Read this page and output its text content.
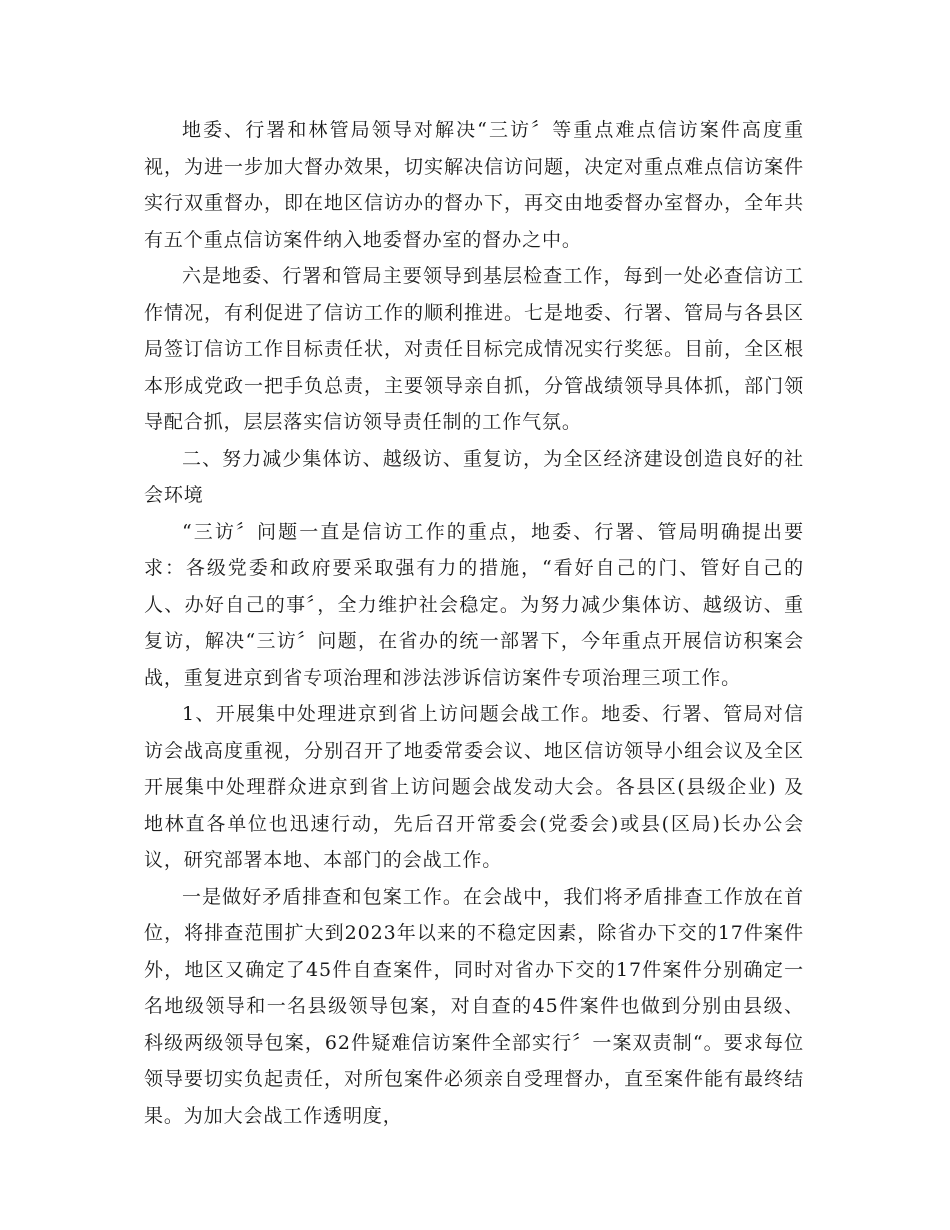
地委、行署和林管局领导对解决“三访〞等重点难点信访案件高度重视，为进一步加大督办效果，切实解决信访问题，决定对重点难点信访案件实行双重督办，即在地区信访办的督办下，再交由地委督办室督办，全年共有五个重点信访案件纳入地委督办室的督办之中。

六是地委、行署和管局主要领导到基层检查工作，每到一处必查信访工作情况，有利促进了信访工作的顺利推进。七是地委、行署、管局与各县区局签订信访工作目标责任状，对责任目标完成情况实行奖惩。目前，全区根本形成党政一把手负总责，主要领导亲自抓，分管战绩领导具体抓，部门领导配合抓，层层落实信访领导责任制的工作气氛。

二、努力减少集体访、越级访、重复访，为全区经济建设创造良好的社会环境

“三访〞问题一直是信访工作的重点，地委、行署、管局明确提出要求：各级党委和政府要采取强有力的措施，“看好自己的门、管好自己的人、办好自己的事〞，全力维护社会稳定。为努力减少集体访、越级访、重复访，解决“三访〞问题，在省办的统一部署下，今年重点开展信访积案会战，重复进京到省专项治理和涉法涉诉信访案件专项治理三项工作。

1、开展集中处理进京到省上访问题会战工作。地委、行署、管局对信访会战高度重视，分别召开了地委常委会议、地区信访领导小组会议及全区开展集中处理群众进京到省上访问题会战发动大会。各县区(县级企业) 及地林直各单位也迅速行动，先后召开常委会(党委会)或县(区局)长办公会议，研究部署本地、本部门的会战工作。

一是做好矛盾排查和包案工作。在会战中，我们将矛盾排查工作放在首位，将排查范围扩大到2023年以来的不稳定因素，除省办下交的17件案件外，地区又确定了45件自查案件，同时对省办下交的17件案件分别确定一名地级领导和一名县级领导包案，对自查的45件案件也做到分别由县级、科级两级领导包案，62件疑难信访案件全部实行〞一案双责制“。要求每位领导要切实负起责任，对所包案件必须亲自受理督办，直至案件能有最终结果。为加大会战工作透明度，
